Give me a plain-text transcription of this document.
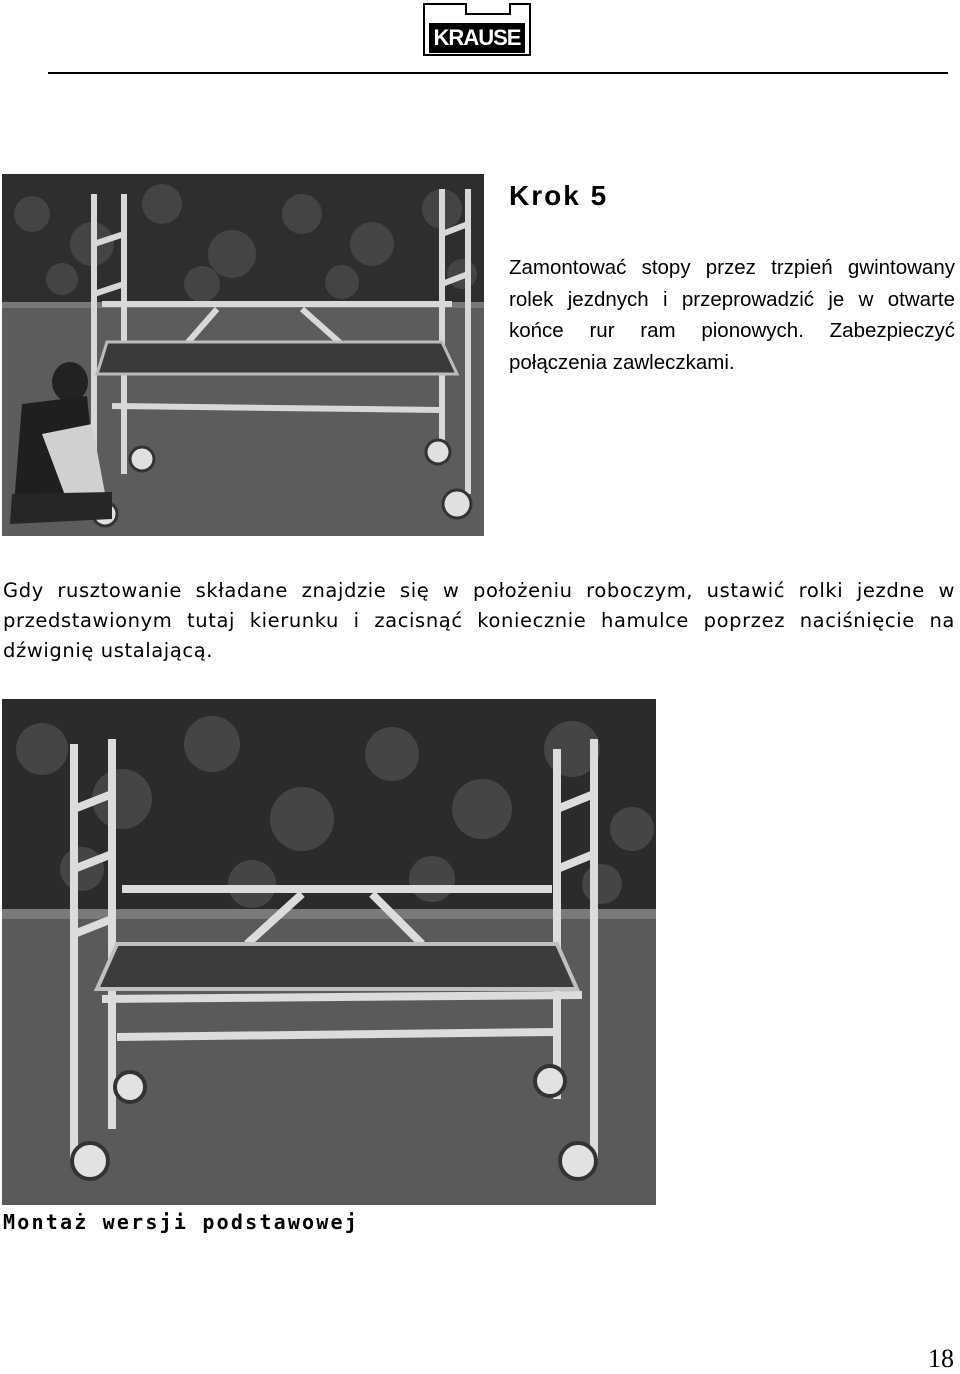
KRAUSE
Krok 5
Zamontować stopy przez trzpień gwintowany rolek jezdnych i przeprowadzić je w otwarte końce rur ram pionowych. Zabezpieczyć połączenia zawleczkami.
Gdy rusztowanie składane znajdzie się w położeniu roboczym, ustawić rolki jezdne w przedstawionym tutaj kierunku i zacisnąć koniecznie hamulce poprzez naciśnięcie na dźwignię ustalającą.
Montaż wersji podstawowej
18
